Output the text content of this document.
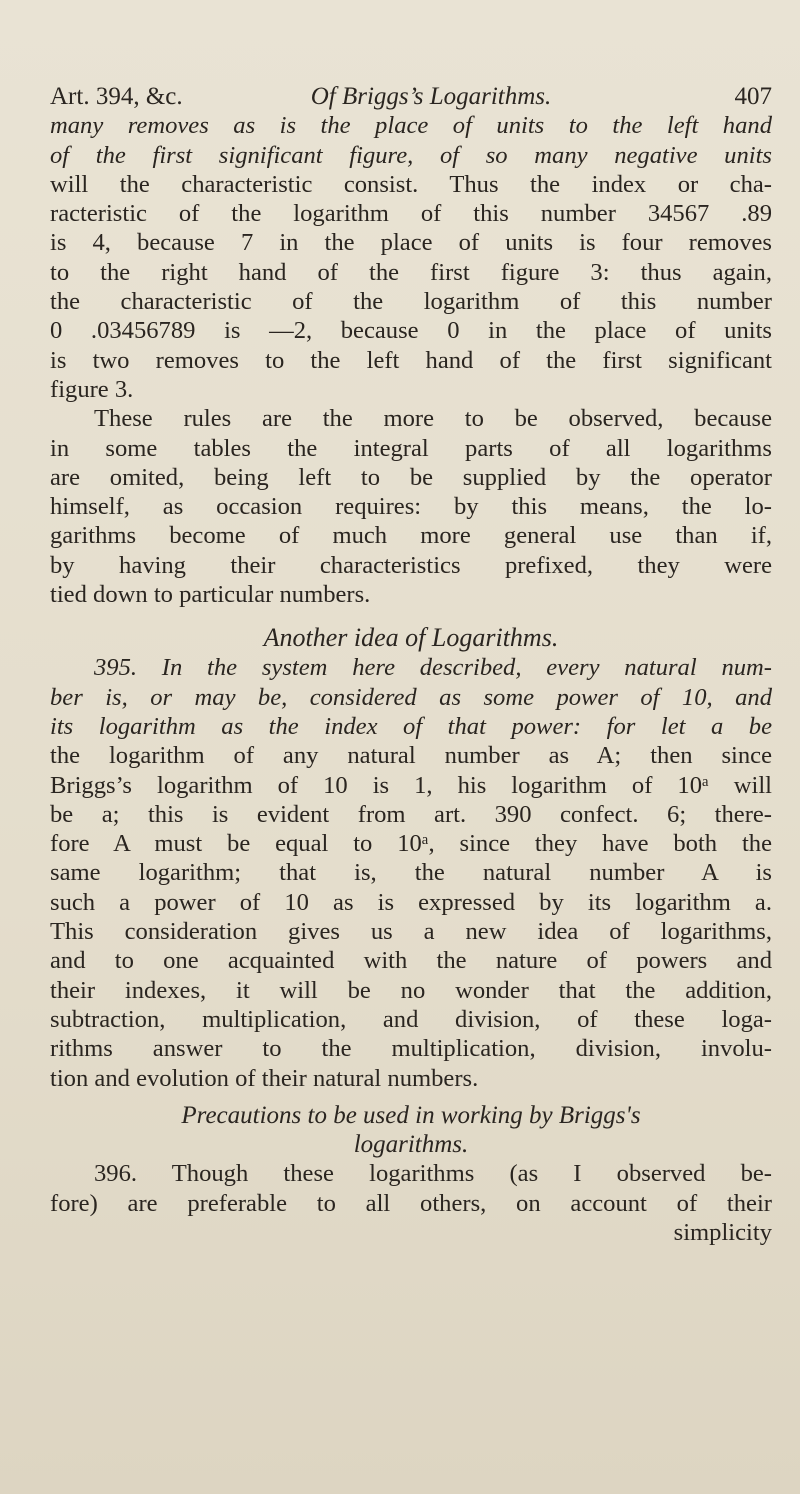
Art. 394, &c.	Of Briggs’s Logarithms.	407
many removes as is the place of units to the left hand
of the first significant figure, of so many negative units
will the characteristic consist. Thus the index or cha-
racteristic of the logarithm of this number 34567 .89
is 4, because 7 in the place of units is four removes
to the right hand of the first figure 3: thus again,
the characteristic of the logarithm of this number
0 .03456789 is —2, because 0 in the place of units
is two removes to the left hand of the first significant
figure 3.
These rules are the more to be observed, because
in some tables the integral parts of all logarithms
are omited, being left to be supplied by the operator
himself, as occasion requires: by this means, the lo-
garithms become of much more general use than if,
by having their characteristics prefixed, they were
tied down to particular numbers.
Another idea of Logarithms.
395. In the system here described, every natural num-
ber is, or may be, considered as some power of 10, and
its logarithm as the index of that power: for let a be
the logarithm of any natural number as A; then since
Briggs’s logarithm of 10 is 1, his logarithm of 10ᵃ will
be a; this is evident from art. 390 confect. 6; there-
fore A must be equal to 10ᵃ, since they have both the
same logarithm; that is, the natural number A is
such a power of 10 as is expressed by its logarithm a.
This consideration gives us a new idea of logarithms,
and to one acquainted with the nature of powers and
their indexes, it will be no wonder that the addition,
subtraction, multiplication, and division, of these loga-
rithms answer to the multiplication, division, involu-
tion and evolution of their natural numbers.
Precautions to be used in working by Briggs's
logarithms.
396. Though these logarithms (as I observed be-
fore) are preferable to all others, on account of their
simplicity
